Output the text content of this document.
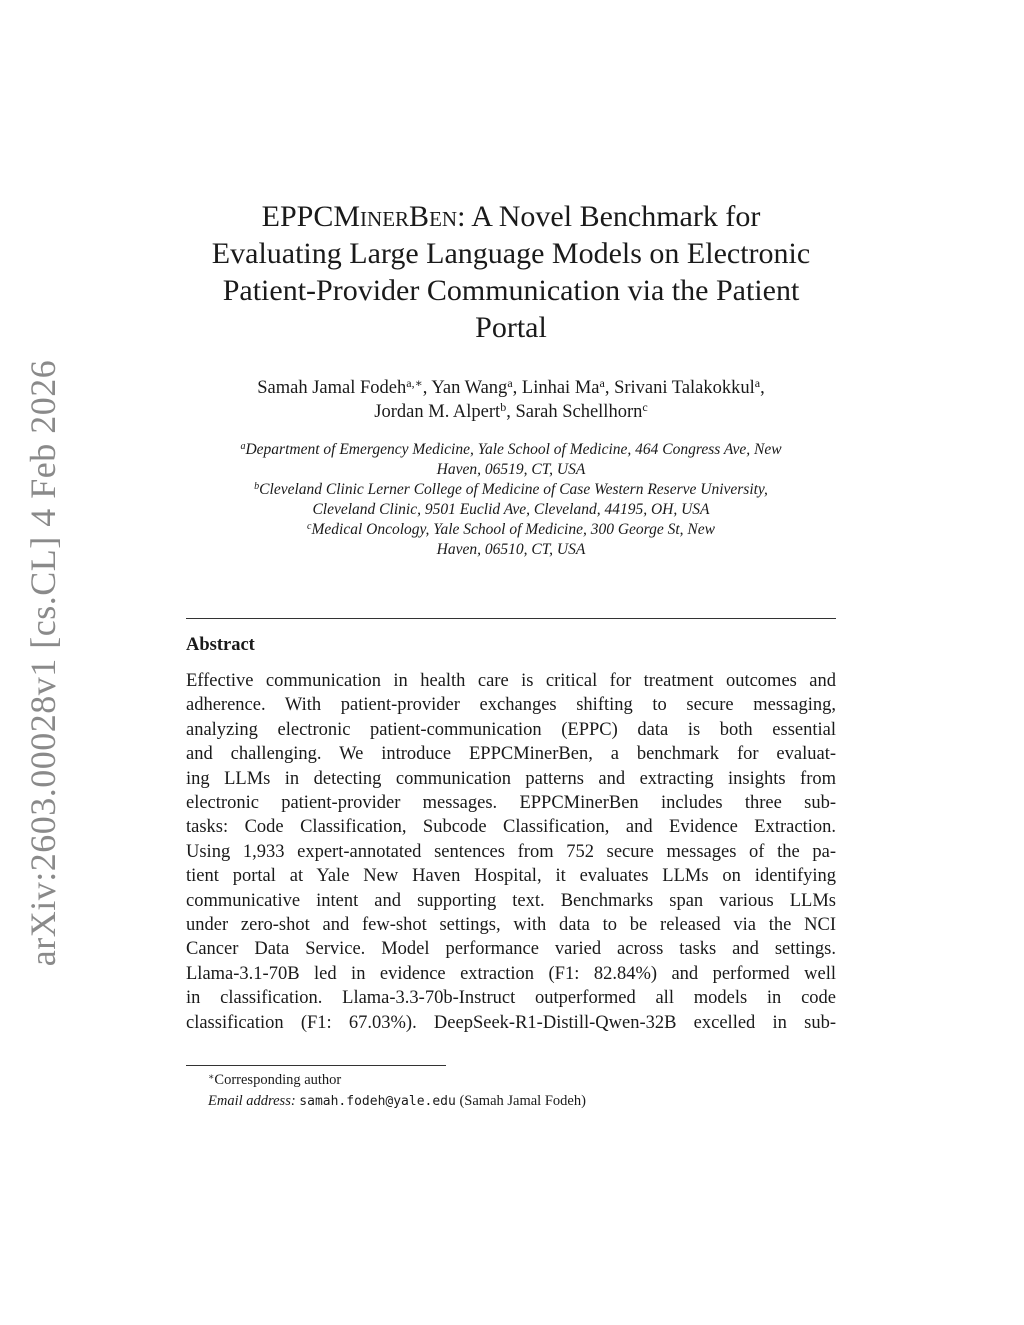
arXiv:2603.00028v1 [cs.CL] 4 Feb 2026
EPPCMinerBen: A Novel Benchmark for
Evaluating Large Language Models on Electronic
Patient-Provider Communication via the Patient
Portal
Samah Jamal Fodeh$^{a,∗}$, Yan Wang$^a$, Linhai Ma$^a$, Srivani Talakokkul$^a$,
Jordan M. Alpert$^b$, Sarah Schellhorn$^c$
$^a$Department of Emergency Medicine, Yale School of Medicine, 464 Congress Ave, New
Haven, 06519, CT, USA
$^b$Cleveland Clinic Lerner College of Medicine of Case Western Reserve University,
Cleveland Clinic, 9501 Euclid Ave, Cleveland, 44195, OH, USA
$^c$Medical Oncology, Yale School of Medicine, 300 George St, New
Haven, 06510, CT, USA
Abstract
Effective communication in health care is critical for treatment outcomes and
adherence. With patient-provider exchanges shifting to secure messaging,
analyzing electronic patient-communication (EPPC) data is both essential
and challenging. We introduce EPPCMinerBen, a benchmark for evaluat-
ing LLMs in detecting communication patterns and extracting insights from
electronic patient-provider messages. EPPCMinerBen includes three sub-
tasks: Code Classification, Subcode Classification, and Evidence Extraction.
Using 1,933 expert-annotated sentences from 752 secure messages of the pa-
tient portal at Yale New Haven Hospital, it evaluates LLMs on identifying
communicative intent and supporting text. Benchmarks span various LLMs
under zero-shot and few-shot settings, with data to be released via the NCI
Cancer Data Service. Model performance varied across tasks and settings.
Llama-3.1-70B led in evidence extraction (F1: 82.84%) and performed well
in classification. Llama-3.3-70b-Instruct outperformed all models in code
classification (F1: 67.03%). DeepSeek-R1-Distill-Qwen-32B excelled in sub-
∗Corresponding author
Email address: samah.fodeh@yale.edu (Samah Jamal Fodeh)
